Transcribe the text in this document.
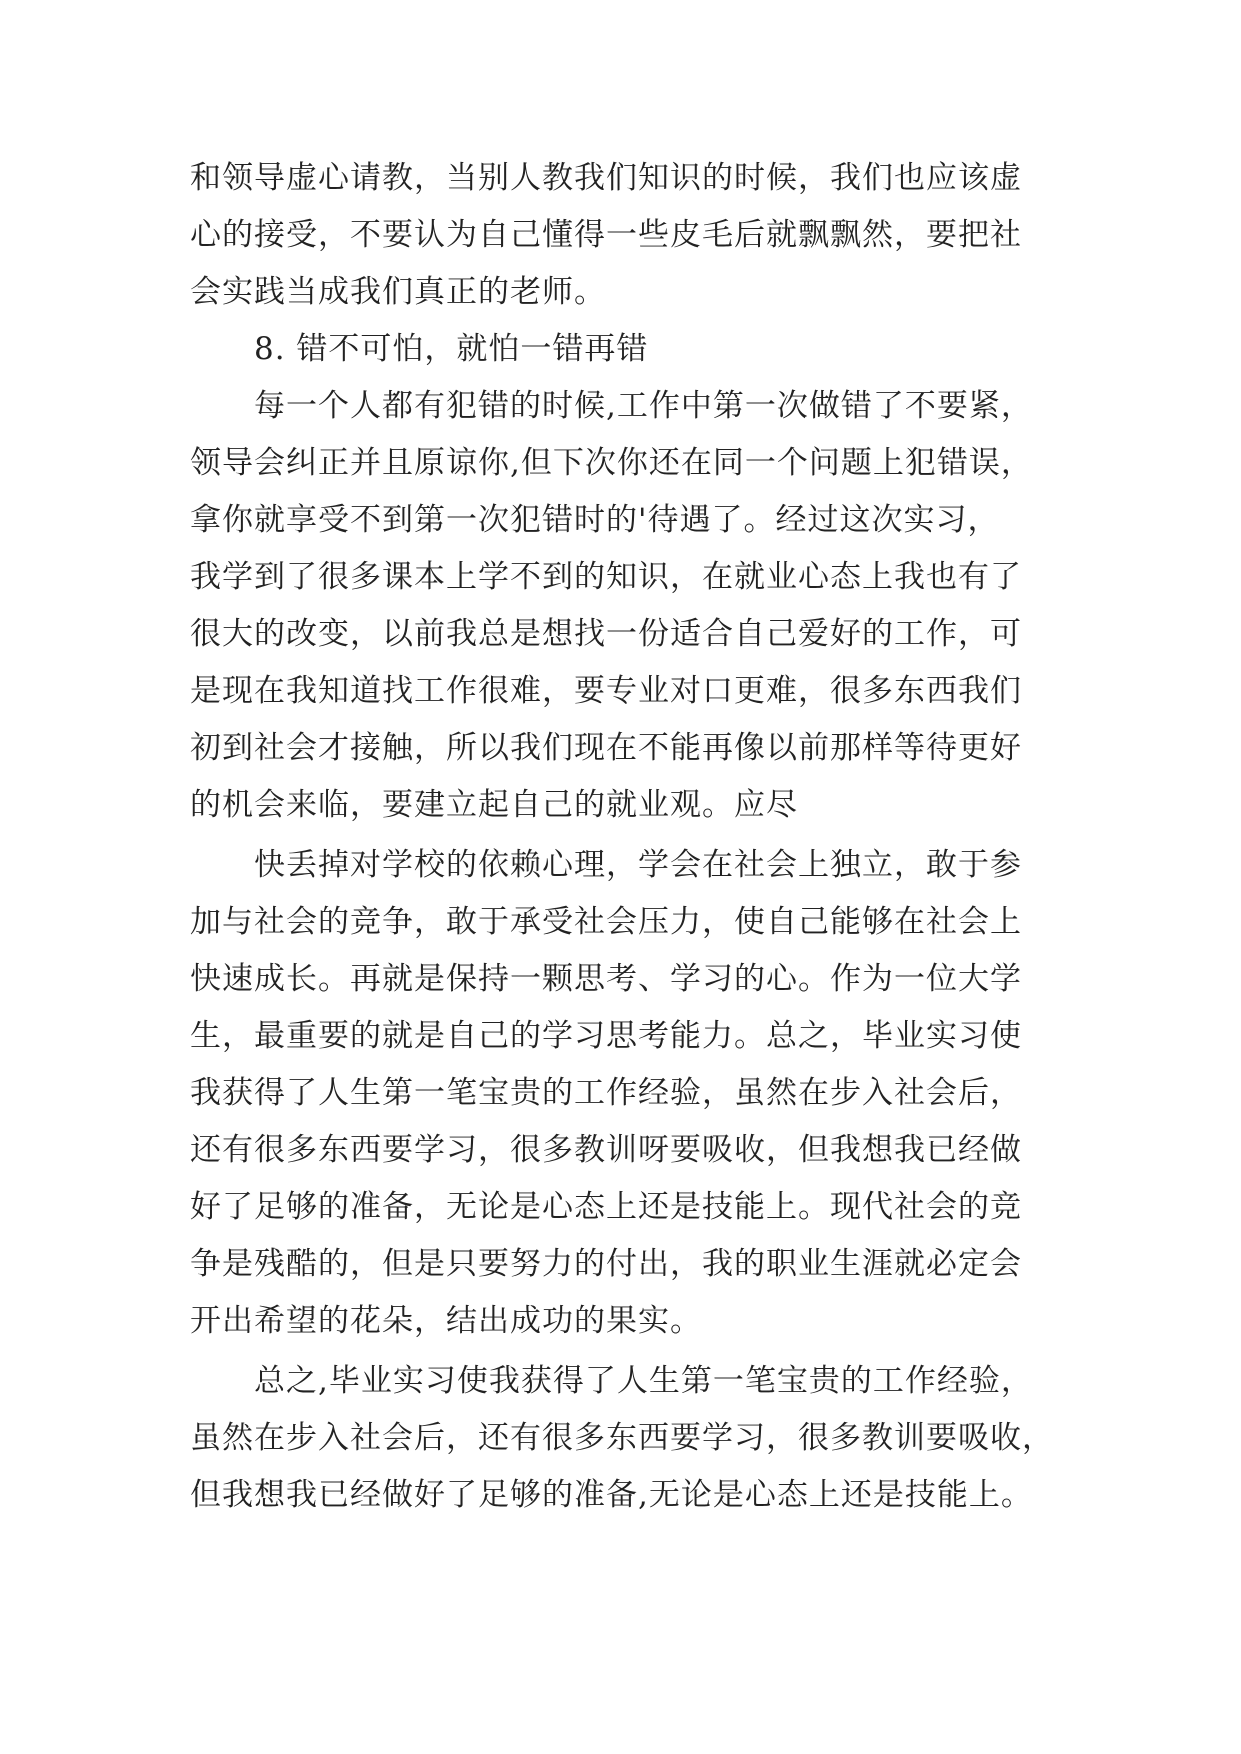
和领导虚心请教，当别人教我们知识的时候，我们也应该虚
心的接受，不要认为自己懂得一些皮毛后就飘飘然，要把社
会实践当成我们真正的老师。
8. 错不可怕，就怕一错再错
每一个人都有犯错的时候,工作中第一次做错了不要紧，
领导会纠正并且原谅你,但下次你还在同一个问题上犯错误，
拿你就享受不到第一次犯错时的'待遇了。经过这次实习，
我学到了很多课本上学不到的知识，在就业心态上我也有了
很大的改变，以前我总是想找一份适合自己爱好的工作，可
是现在我知道找工作很难，要专业对口更难，很多东西我们
初到社会才接触，所以我们现在不能再像以前那样等待更好
的机会来临，要建立起自己的就业观。应尽
快丢掉对学校的依赖心理，学会在社会上独立，敢于参
加与社会的竞争，敢于承受社会压力，使自己能够在社会上
快速成长。再就是保持一颗思考、学习的心。作为一位大学
生，最重要的就是自己的学习思考能力。总之，毕业实习使
我获得了人生第一笔宝贵的工作经验，虽然在步入社会后，
还有很多东西要学习，很多教训呀要吸收，但我想我已经做
好了足够的准备，无论是心态上还是技能上。现代社会的竞
争是残酷的，但是只要努力的付出，我的职业生涯就必定会
开出希望的花朵，结出成功的果实。
总之,毕业实习使我获得了人生第一笔宝贵的工作经验，
虽然在步入社会后，还有很多东西要学习，很多教训要吸收，
但我想我已经做好了足够的准备,无论是心态上还是技能上。
